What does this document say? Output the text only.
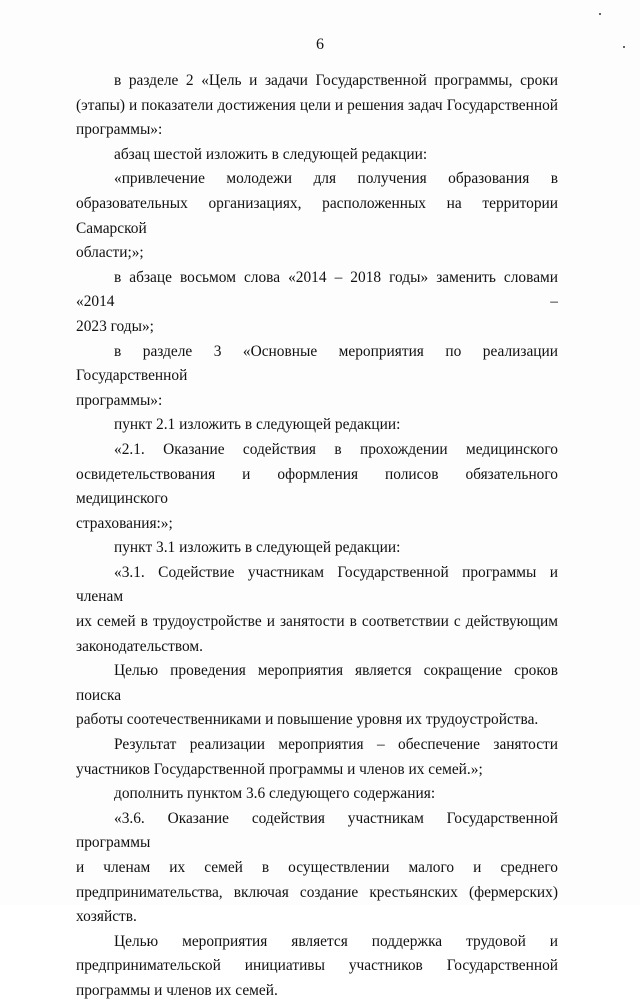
6
в разделе 2 «Цель и задачи Государственной программы, сроки
(этапы) и показатели достижения цели и решения задач Государственной
программы»:
абзац шестой изложить в следующей редакции:
«привлечение молодежи для получения образования в
образовательных организациях, расположенных на территории Самарской
области;»;
в абзаце восьмом слова «2014 – 2018 годы» заменить словами «2014 –
2023 годы»;
в разделе 3 «Основные мероприятия по реализации Государственной
программы»:
пункт 2.1 изложить в следующей редакции:
«2.1. Оказание содействия в прохождении медицинского
освидетельствования и оформления полисов обязательного медицинского
страхования:»;
пункт 3.1 изложить в следующей редакции:
«3.1. Содействие участникам Государственной программы и членам
их семей в трудоустройстве и занятости в соответствии с действующим
законодательством.
Целью проведения мероприятия является сокращение сроков поиска
работы соотечественниками и повышение уровня их трудоустройства.
Результат реализации мероприятия – обеспечение занятости
участников Государственной программы и членов их семей.»;
дополнить пунктом 3.6 следующего содержания:
«3.6. Оказание содействия участникам Государственной программы
и членам их семей в осуществлении малого и среднего
предпринимательства, включая создание крестьянских (фермерских)
хозяйств.
Целью мероприятия является поддержка трудовой и
предпринимательской инициативы участников Государственной
программы и членов их семей.
